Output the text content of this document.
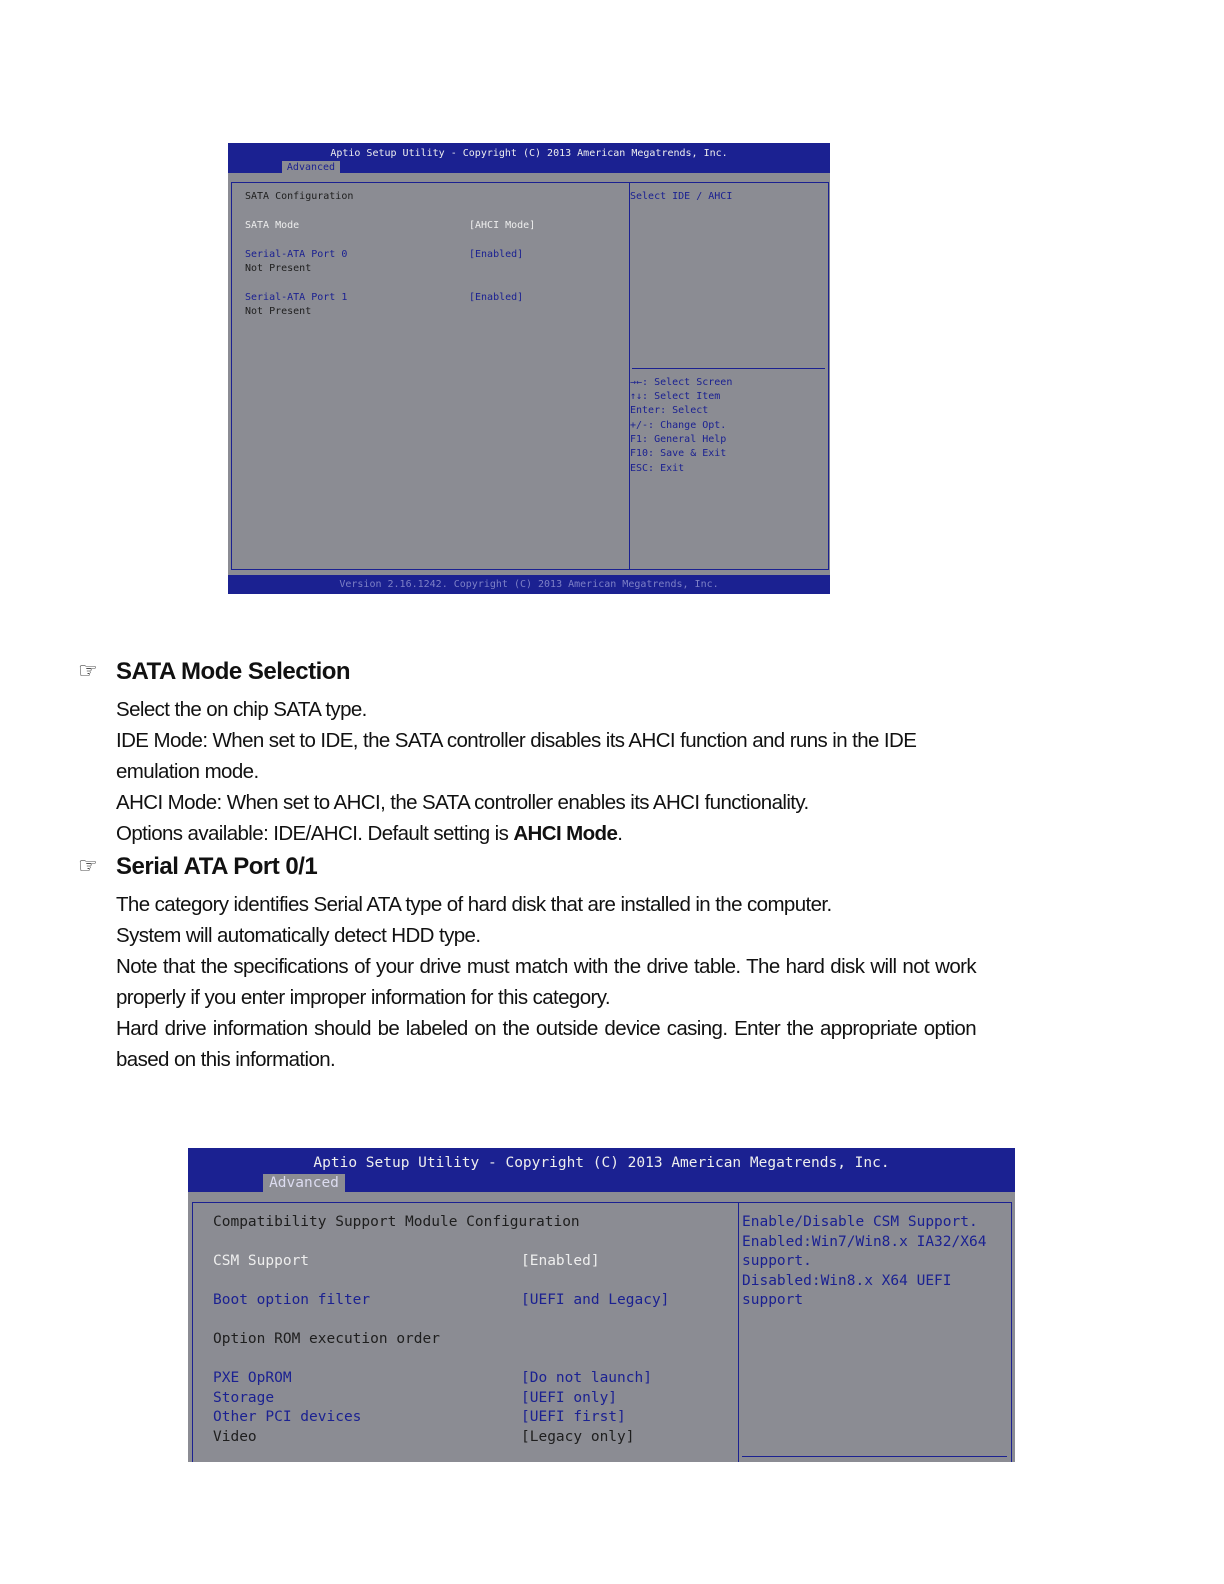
Aptio Setup Utility - Copyright (C) 2013 American Megatrends, Inc.
Advanced
SATA Configuration
SATA Mode	[AHCI Mode]
Serial-ATA Port 0	[Enabled]
Not Present
Serial-ATA Port 1	[Enabled]
Not Present
Select IDE / AHCI
→←: Select Screen
↑↓: Select Item
Enter: Select
+/-: Change Opt.
F1: General Help
F10: Save & Exit
ESC: Exit
Version 2.16.1242. Copyright (C) 2013 American Megatrends, Inc.
☞ SATA Mode Selection
Select the on chip SATA type.
IDE Mode: When set to IDE, the SATA controller disables its AHCI function and runs in the IDE
emulation mode.
AHCI Mode: When set to AHCI, the SATA controller enables its AHCI functionality.
Options available: IDE/AHCI. Default setting is AHCI Mode.
☞ Serial ATA Port 0/1
The category identifies Serial ATA type of hard disk that are installed in the computer.
System will automatically detect HDD type.
Note that the specifications of your drive must match with the drive table. The hard disk will not work properly if you enter improper information for this category.
Hard drive information should be labeled on the outside device casing. Enter the appropriate option based on this information.
Aptio Setup Utility - Copyright (C) 2013 American Megatrends, Inc.
Advanced
Compatibility Support Module Configuration
CSM Support	[Enabled]
Boot option filter	[UEFI and Legacy]
Option ROM execution order
PXE OpROM	[Do not launch]
Storage	[UEFI only]
Other PCI devices	[UEFI first]
Video	[Legacy only]
Enable/Disable CSM Support.
Enabled:Win7/Win8.x IA32/X64
support.
Disabled:Win8.x X64 UEFI
support
